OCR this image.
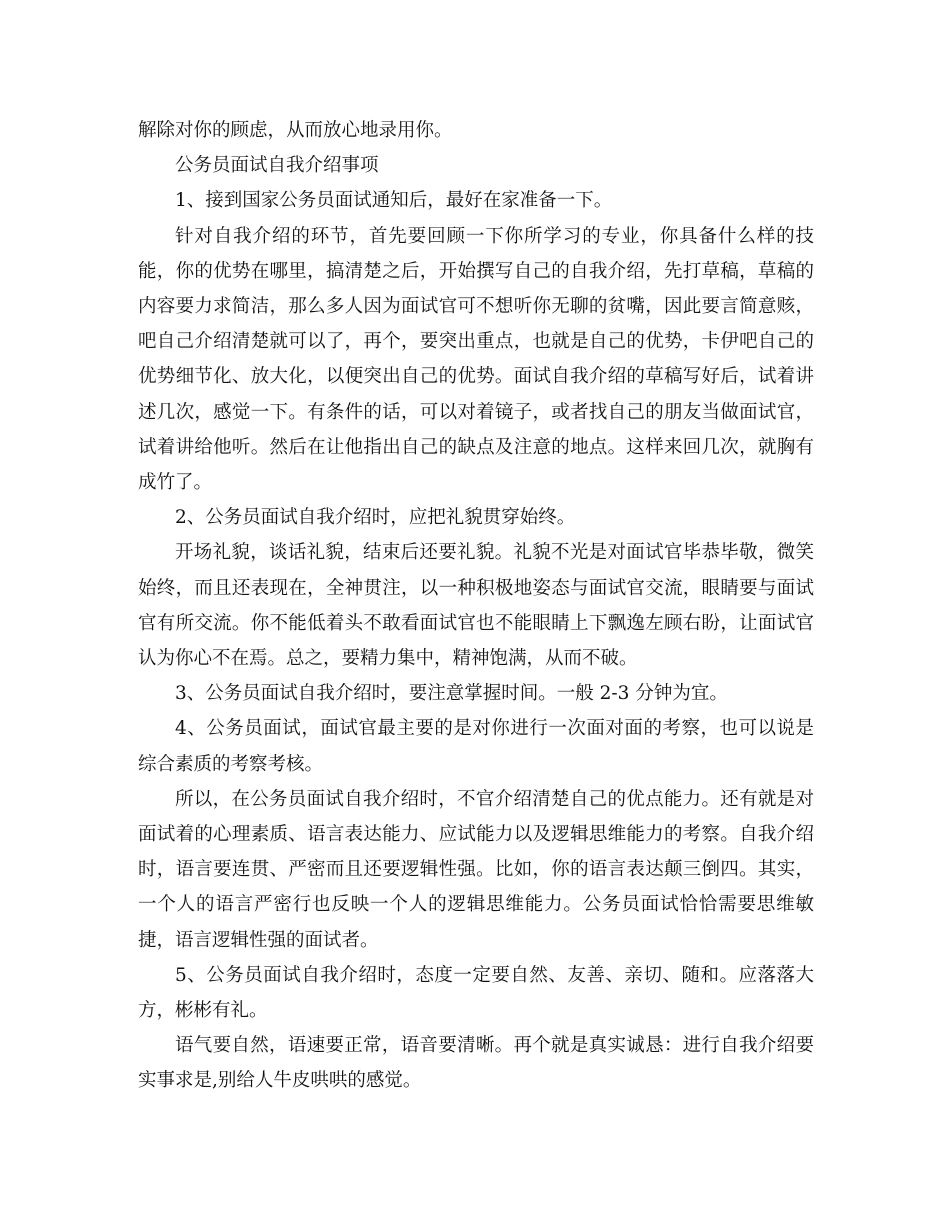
解除对你的顾虑，从而放心地录用你。

公务员面试自我介绍事项

1、接到国家公务员面试通知后，最好在家准备一下。

针对自我介绍的环节，首先要回顾一下你所学习的专业，你具备什么样的技能，你的优势在哪里，搞清楚之后，开始撰写自己的自我介绍，先打草稿，草稿的内容要力求简洁，那么多人因为面试官可不想听你无聊的贫嘴，因此要言简意赅，吧自己介绍清楚就可以了，再个，要突出重点，也就是自己的优势，卡伊吧自己的优势细节化、放大化，以便突出自己的优势。面试自我介绍的草稿写好后，试着讲述几次，感觉一下。有条件的话，可以对着镜子，或者找自己的朋友当做面试官，试着讲给他听。然后在让他指出自己的缺点及注意的地点。这样来回几次，就胸有成竹了。

2、公务员面试自我介绍时，应把礼貌贯穿始终。

开场礼貌，谈话礼貌，结束后还要礼貌。礼貌不光是对面试官毕恭毕敬，微笑始终，而且还表现在，全神贯注，以一种积极地姿态与面试官交流，眼睛要与面试官有所交流。你不能低着头不敢看面试官也不能眼睛上下飘逸左顾右盼，让面试官认为你心不在焉。总之，要精力集中，精神饱满，从而不破。

3、公务员面试自我介绍时，要注意掌握时间。一般 2-3 分钟为宜。

4、公务员面试，面试官最主要的是对你进行一次面对面的考察，也可以说是综合素质的考察考核。

所以，在公务员面试自我介绍时，不官介绍清楚自己的优点能力。还有就是对面试着的心理素质、语言表达能力、应试能力以及逻辑思维能力的考察。自我介绍时，语言要连贯、严密而且还要逻辑性强。比如，你的语言表达颠三倒四。其实，一个人的语言严密行也反映一个人的逻辑思维能力。公务员面试恰恰需要思维敏捷，语言逻辑性强的面试者。

5、公务员面试自我介绍时，态度一定要自然、友善、亲切、随和。应落落大方，彬彬有礼。

语气要自然，语速要正常，语音要清晰。再个就是真实诚恳：进行自我介绍要实事求是,别给人牛皮哄哄的感觉。
